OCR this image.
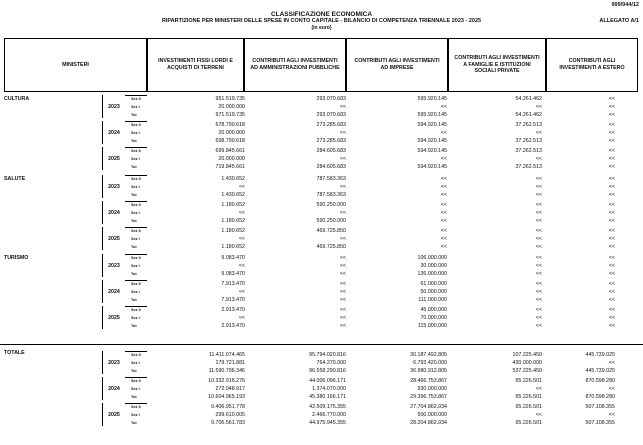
999/944/12
CLASSIFICAZIONE ECONOMICA
RIPARTIZIONE PER MINISTERI DELLE SPESE IN CONTO CAPITALE - BILANCIO DI COMPETENZA TRIENNALE 2023 - 2025	ALLEGATO A/1
(in euro)
MINISTERI
INVESTIMENTI FISSI LORDI E ACQUISTI DI TERRENI
CONTRIBUTI AGLI INVESTIMENTI AD AMMINISTRAZIONI PUBBLICHE
CONTRIBUTI AGLI INVESTIMENTI AD IMPRESE
CONTRIBUTI AGLI INVESTIMENTI A FAMIGLIE E ISTITUZIONI SOCIALI PRIVATE
CONTRIBUTI AGLI INVESTIMENTI A ESTERO
CULTURA
2023
Sez II	951.519.735	293.070.683	595.920.145	54.261.462	<<
Sez I	20.000.000	<<	<<	<<	<<
Tot	971.519.735	293.070.683	595.920.145	54.261.462	<<
2024
Sez II	678.790.618	273.285.683	594.920.145	37.262.513	<<
Sez I	20.000.000	<<	<<	<<	<<
Tot	698.790.618	273.285.683	594.920.145	37.262.513	<<
2025
Sez II	699.845.661	284.605.683	594.920.145	37.262.513	<<
Sez I	20.000.000	<<	<<	<<	<<
Tot	719.845.661	284.605.683	594.920.145	37.262.513	<<
SALUTE
2023
Sez II	1.430.652	787.583.363	<<	<<	<<
Sez I	<<	<<	<<	<<	<<
Tot	1.430.652	787.583.363	<<	<<	<<
2024
Sez II	1.180.652	590.250.000	<<	<<	<<
Sez I	<<	<<	<<	<<	<<
Tot	1.180.652	590.250.000	<<	<<	<<
2025
Sez II	1.180.652	469.725.850	<<	<<	<<
Sez I	<<	<<	<<	<<	<<
Tot	1.180.652	469.725.850	<<	<<	<<
TURISMO
2023
Sez II	9.083.470	<<	106.000.000	<<	<<
Sez I	<<	<<	30.000.000	<<	<<
Tot	9.083.470	<<	136.000.000	<<	<<
2024
Sez II	7.913.470	<<	61.000.000	<<	<<
Sez I	<<	<<	50.000.000	<<	<<
Tot	7.913.470	<<	111.000.000	<<	<<
2025
Sez II	2.913.470	<<	45.000.000	<<	<<
Sez I	<<	<<	70.000.000	<<	<<
Tot	2.913.470	<<	115.000.000	<<	<<
TOTALE
2023
Sez II	11.411.074.465	95.794.020.816	30.187.492.805	107.225.450	445.739.025
Sez I	179.721.881	764.270.000	6.793.420.000	430.000.000	<<
Tot	11.590.796.346	96.558.290.816	36.980.912.805	537.225.450	445.739.025
2024
Sez II	10.332.916.276	44.006.096.171	28.466.753.867	65.226.501	870.598.280
Sez I	272.048.917	1.374.070.000	930.000.000	<<	<<
Tot	10.604.965.193	45.380.166.171	29.396.753.867	65.226.501	870.598.280
2025
Sez II	9.406.951.778	42.509.175.355	27.704.862.934	65.226.501	507.108.355
Sez I	299.610.005	2.466.770.000	500.000.000	<<	<<
Tot	9.706.561.783	44.975.945.355	28.204.862.934	65.226.501	507.108.355
